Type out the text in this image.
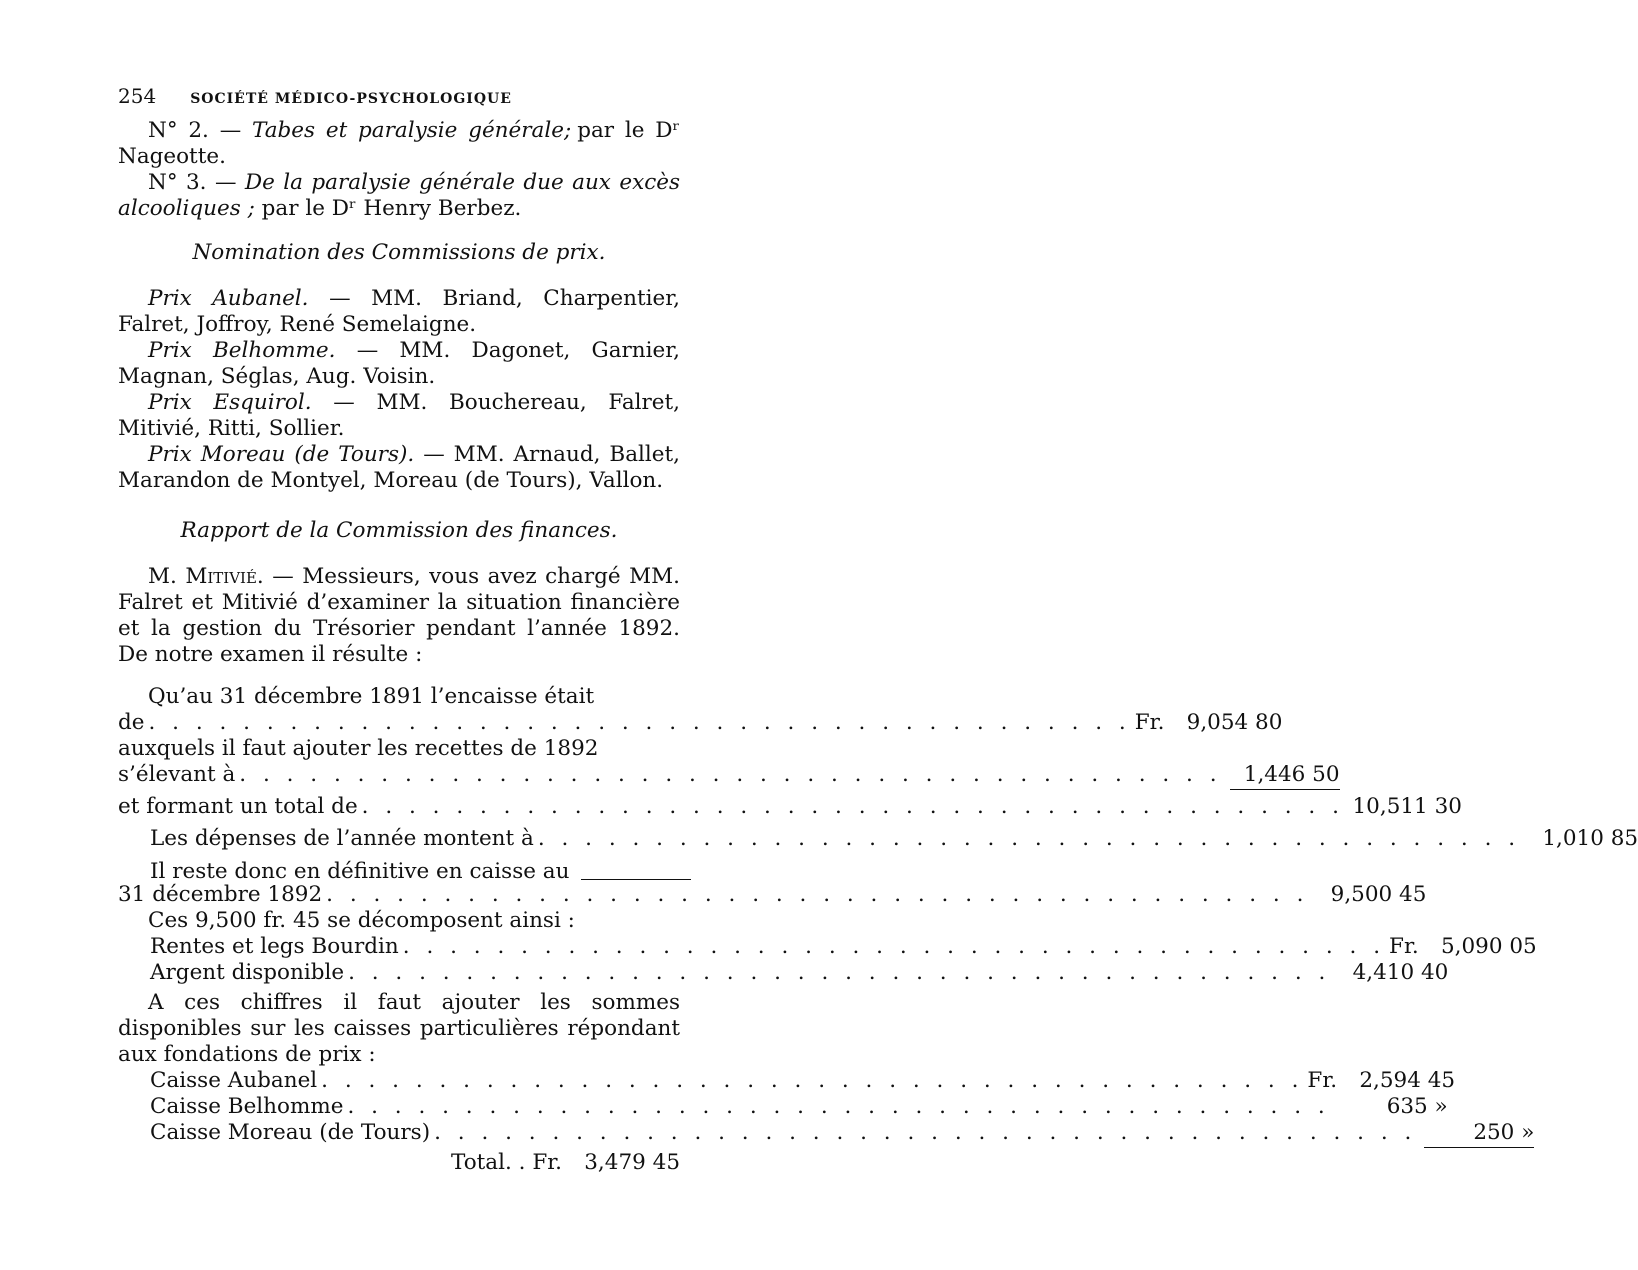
254 SOCIÉTÉ MÉDICO-PSYCHOLOGIQUE

N° 2. — Tabes et paralysie générale; par le Dʳ Nageotte.

N° 3. — De la paralysie générale due aux excès alcooliques ; par le Dʳ Henry Berbez.

Nomination des Commissions de prix.

Prix Aubanel. — MM. Briand, Charpentier, Falret, Joffroy, René Semelaigne.

Prix Belhomme. — MM. Dagonet, Garnier, Magnan, Séglas, Aug. Voisin.

Prix Esquirol. — MM. Bouchereau, Falret, Mitivié, Ritti, Sollier.

Prix Moreau (de Tours). — MM. Arnaud, Ballet, Marandon de Montyel, Moreau (de Tours), Vallon.

Rapport de la Commission des finances.

M. Mitivié. — Messieurs, vous avez chargé MM. Falret et Mitivié d’examiner la situation financière et la gestion du Trésorier pendant l’année 1892. De notre examen il résulte :

Qu’au 31 décembre 1891 l’encaisse était

de . . . . . . . . . . . . . . . . . . . . . . . . . . . . . . . . . . . . . . . . . . Fr.	9,054 80

auxquels il faut ajouter les recettes de 1892

s’élevant à . . . . . . . . . . . . . . . . . . . . . . . . . . . . . . . . . . . . . . . . . .	1,446 50
et formant un total de . . . . . . . . . . . . . . . . . . . . . . . . . . . . . . . . . . . . . . . . . . 10,511 30
Les dépenses de l’année montent à . . . . . . . . . . . . . . . . . . . . . . . . . . . . . . . . . . . . . . . . . .	1,010 85
Il reste donc en définitive en caisse au
31 décembre 1892 . . . . . . . . . . . . . . . . . . . . . . . . . . . . . . . . . . . . . . . . . .	9,500 45

Ces 9,500 fr. 45 se décomposent ainsi :

Rentes et legs Bourdin . . . . . . . . . . . . . . . . . . . . . . . . . . . . . . . . . . . . . . . . . . Fr.	5,090 05
Argent disponible . . . . . . . . . . . . . . . . . . . . . . . . . . . . . . . . . . . . . . . . . .	4,410 40

A ces chiffres il faut ajouter les sommes disponibles sur les caisses particulières répondant aux fondations de prix :

Caisse Aubanel . . . . . . . . . . . . . . . . . . . . . . . . . . . . . . . . . . . . . . . . . . Fr.	2,594 45
Caisse Belhomme . . . . . . . . . . . . . . . . . . . . . . . . . . . . . . . . . . . . . . . . . .	635 »
Caisse Moreau (de Tours) . . . . . . . . . . . . . . . . . . . . . . . . . . . . . . . . . . . . . . . . . .	250 »
Total. . Fr.	3,479 45
